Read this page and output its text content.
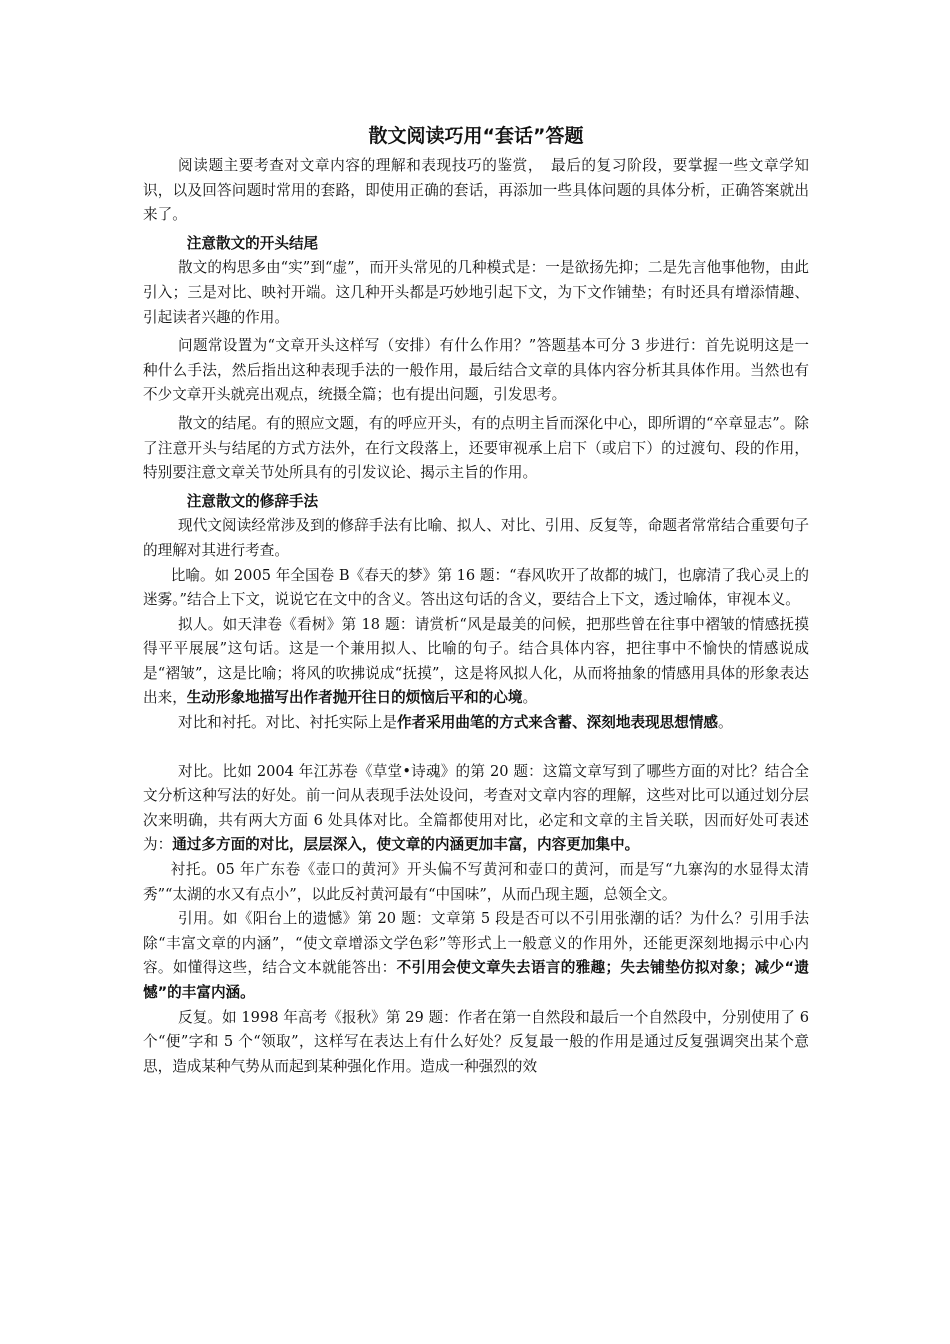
散文阅读巧用“套话”答题

阅读题主要考查对文章内容的理解和表现技巧的鉴赏，　最后的复习阶段，要掌握一些文章学知识，以及回答问题时常用的套路，即使用正确的套话，再添加一些具体问题的具体分析，正确答案就出来了。

注意散文的开头结尾

散文的构思多由“实”到“虚”，而开头常见的几种模式是：一是欲扬先抑；二是先言他事他物，由此引入；三是对比、映衬开端。这几种开头都是巧妙地引起下文，为下文作铺垫；有时还具有增添情趣、引起读者兴趣的作用。

问题常设置为“文章开头这样写（安排）有什么作用？”答题基本可分 3 步进行：首先说明这是一种什么手法，然后指出这种表现手法的一般作用，最后结合文章的具体内容分析其具体作用。当然也有不少文章开头就亮出观点，统摄全篇；也有提出问题，引发思考。

散文的结尾。有的照应文题，有的呼应开头，有的点明主旨而深化中心，即所谓的“卒章显志”。除了注意开头与结尾的方式方法外，在行文段落上，还要审视承上启下（或启下）的过渡句、段的作用，特别要注意文章关节处所具有的引发议论、揭示主旨的作用。

注意散文的修辞手法

现代文阅读经常涉及到的修辞手法有比喻、拟人、对比、引用、反复等，命题者常常结合重要句子的理解对其进行考查。

比喻。如 2005 年全国卷 B《春天的梦》第 16 题：“春风吹开了故都的城门，也廓清了我心灵上的迷雾。”结合上下文，说说它在文中的含义。答出这句话的含义，要结合上下文，透过喻体，审视本义。

拟人。如天津卷《看树》第 18 题：请赏析“风是最美的问候，把那些曾在往事中褶皱的情感抚摸得平平展展”这句话。这是一个兼用拟人、比喻的句子。结合具体内容，把往事中不愉快的情感说成是“褶皱”，这是比喻；将风的吹拂说成“抚摸”，这是将风拟人化，从而将抽象的情感用具体的形象表达出来，生动形象地描写出作者抛开往日的烦恼后平和的心境。

对比和衬托。对比、衬托实际上是作者采用曲笔的方式来含蓄、深刻地表现思想情感。

对比。比如 2004 年江苏卷《草堂•诗魂》的第 20 题：这篇文章写到了哪些方面的对比？结合全文分析这种写法的好处。前一问从表现手法处设问，考查对文章内容的理解，这些对比可以通过划分层次来明确，共有两大方面 6 处具体对比。全篇都使用对比，必定和文章的主旨关联，因而好处可表述为：通过多方面的对比，层层深入，使文章的内涵更加丰富，内容更加集中。

衬托。05 年广东卷《壶口的黄河》开头偏不写黄河和壶口的黄河，而是写“九寨沟的水显得太清秀”“太湖的水又有点小”，以此反衬黄河最有“中国味”，从而凸现主题，总领全文。

引用。如《阳台上的遗憾》第 20 题：文章第 5 段是否可以不引用张潮的话？为什么？引用手法除“丰富文章的内涵”，“使文章增添文学色彩”等形式上一般意义的作用外，还能更深刻地揭示中心内容。如懂得这些，结合文本就能答出：不引用会使文章失去语言的雅趣；失去铺垫仿拟对象；减少“遗憾”的丰富内涵。

反复。如 1998 年高考《报秋》第 29 题：作者在第一自然段和最后一个自然段中，分别使用了 6 个“便”字和 5 个“领取”，这样写在表达上有什么好处？反复最一般的作用是通过反复强调突出某个意思，造成某种气势从而起到某种强化作用。造成一种强烈的效
